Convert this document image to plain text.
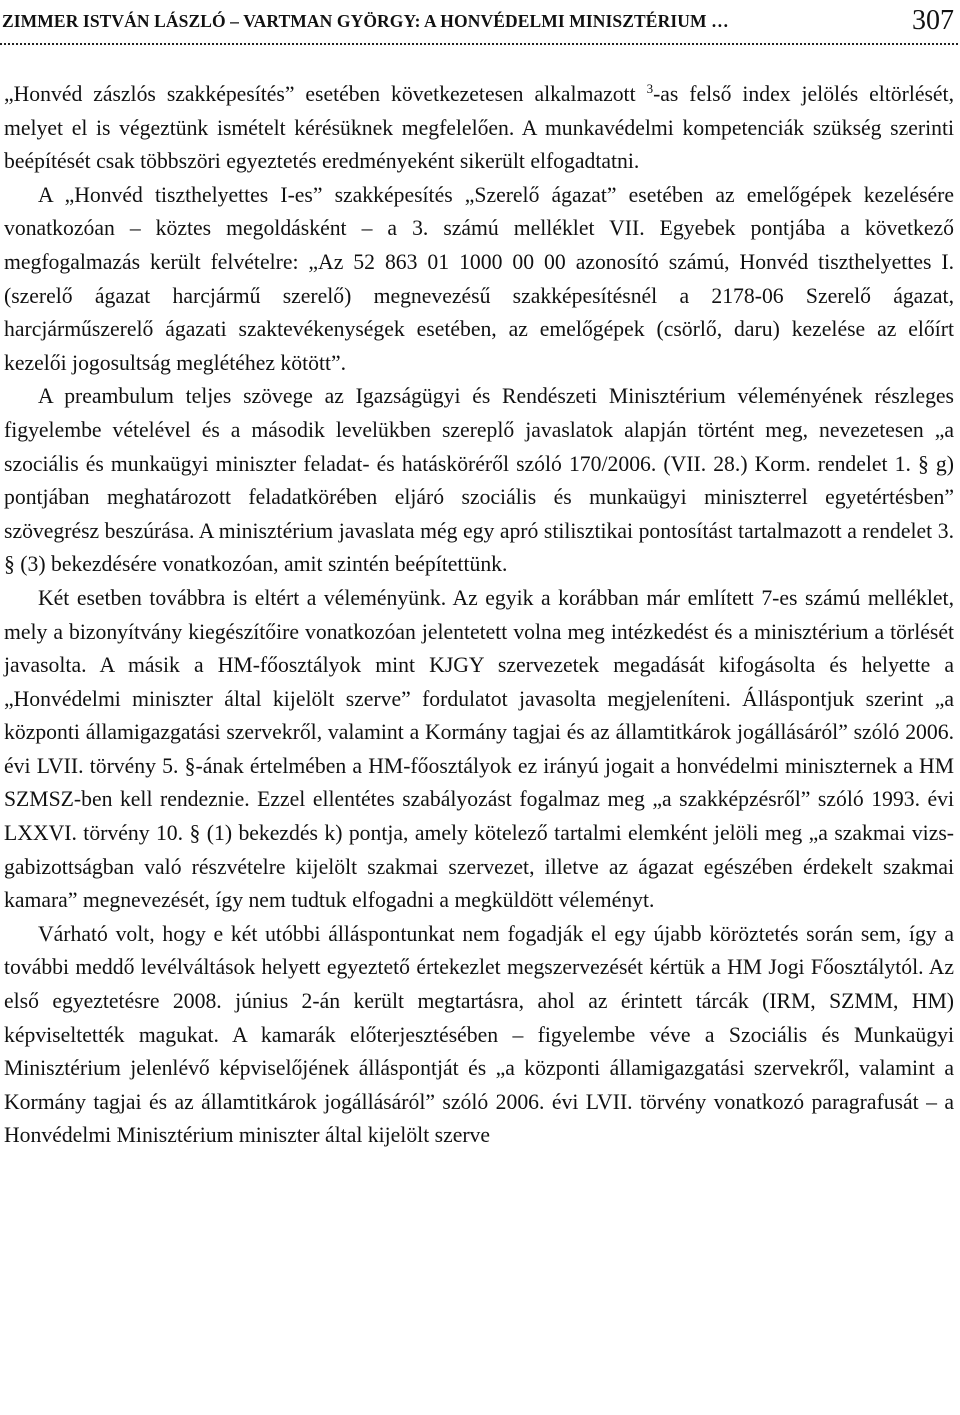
ZIMMER ISTVÁN LÁSZLÓ – VARTMAN GYÖRGY: A HONVÉDELMI MINISZTÉRIUM …	307

„Honvéd zászlós szakképesítés” esetében következetesen alkalmazott $^3$-as felső index jelölés eltörlését, melyet el is végeztünk ismételt kérésüknek megfelelően. A munkavédelmi kompetenciák szükség szerinti beépítését csak többszöri egyeztetés eredményeként sikerült elfogadtatni.

A „Honvéd tiszthelyettes I-es” szakképesítés „Szerelő ágazat” esetében az emelőgépek kezelésére vonatkozóan – köztes megoldásként – a 3. számú melléklet VII. Egyebek pontjába a következő megfogalmazás került felvételre: „Az 52 863 01 1000 00 00 azonosító számú, Honvéd tiszthelyettes I. (szerelő ágazat harcjármű szerelő) megnevezésű szakképesítésnél a 2178-06 Szerelő ágazat, harcjárműszerelő ágazati szaktevékenységek esetében, az emelőgépek (csörlő, daru) kezelése az előírt kezelői jogosultság meglétéhez kötött”.

A preambulum teljes szövege az Igazságügyi és Rendészeti Minisztérium véleményének részleges figyelembe vételével és a második levelükben szereplő javaslatok alapján történt meg, nevezetesen „a szociális és munkaügyi miniszter feladat- és hatásköréről szóló 170/2006. (VII. 28.) Korm. rendelet 1. § g) pontjában meghatározott feladatkörében eljáró szociális és munkaügyi miniszterrel egyetértésben” szövegrész beszúrása. A minisztérium javaslata még egy apró stilisztikai pontosítást tartalmazott a rendelet 3. § (3) bekezdésére vonatkozóan, amit szintén beépítettünk.

Két esetben továbbra is eltért a véleményünk. Az egyik a korábban már említett 7-es számú melléklet, mely a bizonyítvány kiegészítőire vonatkozóan jelentetett volna meg intézkedést és a minisztérium a törlését javasolta. A másik a HM-főosztályok mint KJGY szervezetek megadását kifogásolta és helyette a „Honvédelmi miniszter által kijelölt szerve” fordulatot javasolta megjeleníteni. Álláspontjuk szerint „a központi államigazgatási szervekről, valamint a Kormány tagjai és az államtitkárok jogállásáról” szóló 2006. évi LVII. törvény 5. §-ának értelmében a HM-főosztályok ez irányú jogait a honvédelmi miniszternek a HM SZMSZ-ben kell rendeznie. Ezzel ellentétes szabályozást fogalmaz meg „a szakképzésről” szóló 1993. évi LXXVI. törvény 10. § (1) bekezdés k) pontja, amely kötelező tartalmi elemként jelöli meg „a szakmai vizsgabizottságban való részvételre kijelölt szakmai szervezet, illetve az ágazat egészében érdekelt szakmai kamara” megnevezését, így nem tudtuk elfogadni a megküldött véleményt.

Várható volt, hogy e két utóbbi álláspontunkat nem fogadják el egy újabb köröztetés során sem, így a további meddő levélváltások helyett egyeztető értekezlet megszervezését kértük a HM Jogi Főosztálytól. Az első egyeztetésre 2008. június 2-án került megtartásra, ahol az érintett tárcák (IRM, SZMM, HM) képviseltették magukat. A kamarák előterjesztésében – figyelembe véve a Szociális és Munkaügyi Minisztérium jelenlévő képviselőjének álláspontját és „a központi államigazgatási szervekről, valamint a Kormány tagjai és az államtitkárok jogállásáról” szóló 2006. évi LVII. törvény vonatkozó paragrafusát – a Honvédelmi Minisztérium miniszter által kijelölt szerve
